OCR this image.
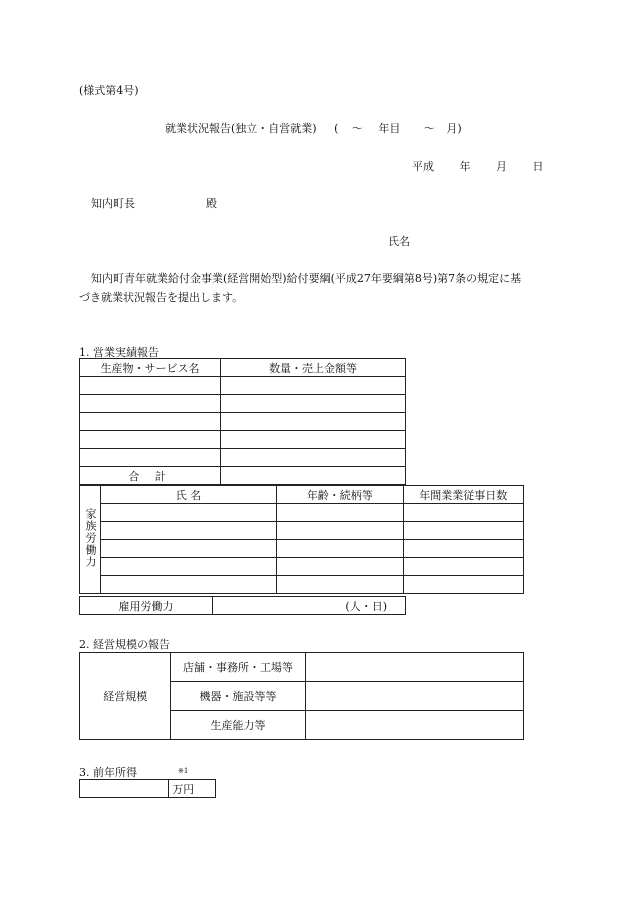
(様式第4号)
就業状況報告(独立・自営就業) ( 〜 年目 〜 月)
平成 年 月 日
知内町長	殿
氏名
知内町青年就業給付金事業(経営開始型)給付要綱(平成27年要綱第8号)第7条の規定に基
づき就業状況報告を提出します。
1. 営業実績報告
生産物・サービス名	数量・売上金額等

合 計	
家族労働力	氏 名	年齢・続柄等	年間業業従事日数

雇用労働力	(人・日)
2. 経営規模の報告
経営規模	店舗・事務所・工場等	
	機器・施設等等	
	生産能力等	
3. 前年所得	※1
	万円
